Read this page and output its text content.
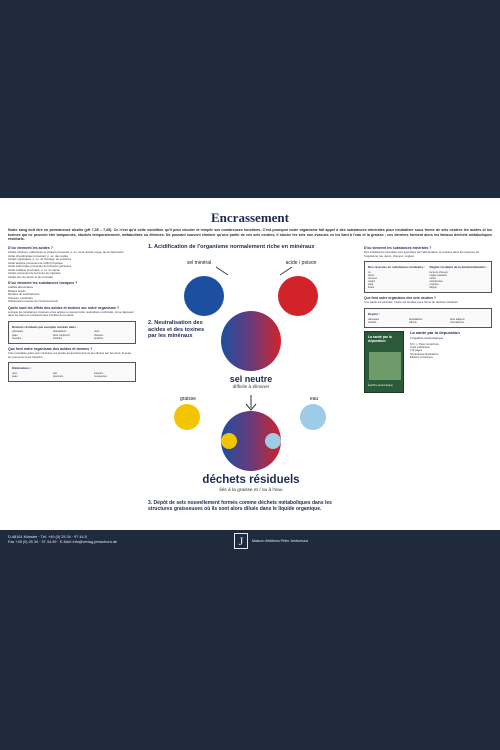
Encrassement
Notre sang doit être en permanence alcalin (pH 7,35 – 7,45). Ce n'est qu'à cette condition qu'il peut circuler et remplir ses nombreuses fonctions. C'est pourquoi notre organisme fait appel à des substances minérales pour neutraliser sous forme de sels neutres les acides et les toxines qui ne peuvent être tamponnés, stockés temporairement, métabolisés ou éliminés. Ne pouvant souvent éliminer qu'une partie de ces sels neutres, il stocke les sels non évacués en les liant à l'eau et la graisse ; ces derniers forment alors les fameux déchets métaboliques résiduels.
D'où viennent les acides ?
Acides nitriques, sulfuriques et uriques provenant, p. ex. de la viande rouge, de la charcuterie
Acide phosphorique provenant, p. ex. des sodas
Acides organiques, p. ex. de fromage, de sucreries
Acide lactique provenant de l'effort physique
Acide carbonique provenant de boissons gazeuses
Acide oxalique provenant, p. ex. du cacao
Acides provenant de la fumée de cigarette
Acides lors de stress et de nervosité
D'où viennent les substances toxiques ?
Additifs alimentaires
Métaux lourds
Résidus de médicaments
Solvants, pesticides
Substances toxiques de l'environnement
Quels sont les effets des acides et toxines sur notre organisme ?
Lorsque les substances toxiques et les acides ne peuvent être neutralisés et éliminés, ils se déposent dans les tissus et entraînent des troubles de la santé.
Déchets résiduels par exemple stockés dans :
vaisseaux	articulations	reins
peau	tissu conjonctif	cheveux
muscles	intestins	tendons
Que font notre organisme des acides et toxines ?
Il les neutralise grâce aux minéraux, les stocke temporairement ou les élimine par les reins, la peau, les poumons et les intestins.
Éliminations :
reins	foie	intestins
peau	poumons	muqueuses
1. Acidification de l'organisme normalement riche en minéraux
sel minéral	acide / poison
2. Neutralisation des acides et des toxines par les minéraux
sel neutre
difficile à éliminer
graisse	eau
déchets résiduels
liés à la graisse et / ou à l'eau
3. Dépôt de sels nouvellement formés comme déchets métaboliques dans les structures graisseuses où ils sont alors dilués dans le liquide organique.
D'où viennent les substances minérales ?
Des substances minérales sont apportées par l'alimentation ou puisées dans les réserves de l'organisme (os, dents, cheveux, ongles).
Nos réserves en substances minérales :	Dégâts résultant de la déminéralisation :
os	perte de cheveux
dents	ongles cassants
cheveux	caries
ongles	ostéoporose
sang	crampes
tissus	fatigue
Que font notre organisme des sels neutres ?
Une partie est éliminée, l'autre est stockée sous forme de déchets résiduels.
Dépôts :
vaisseaux	articulations	tissu adipeux
cellulite	calculs	rhumatismes
La santé par la dépuration
Équilibre acido-basique
La santé par la dépuration
L'équilibre acido-basique
Dr h. c. Peter Jentschura
Josef Lohkämper
176 pages
Nombreuses illustrations
Éditions Jentschura
D-48161 Münster · Tél. +49 (0) 25 34 · 97 44-0
Fax +49 (0) 25 34 · 97 44-99 · E-Mail: info@verlag-jentschura.de	J	Maison d'éditions Peter Jentschura
